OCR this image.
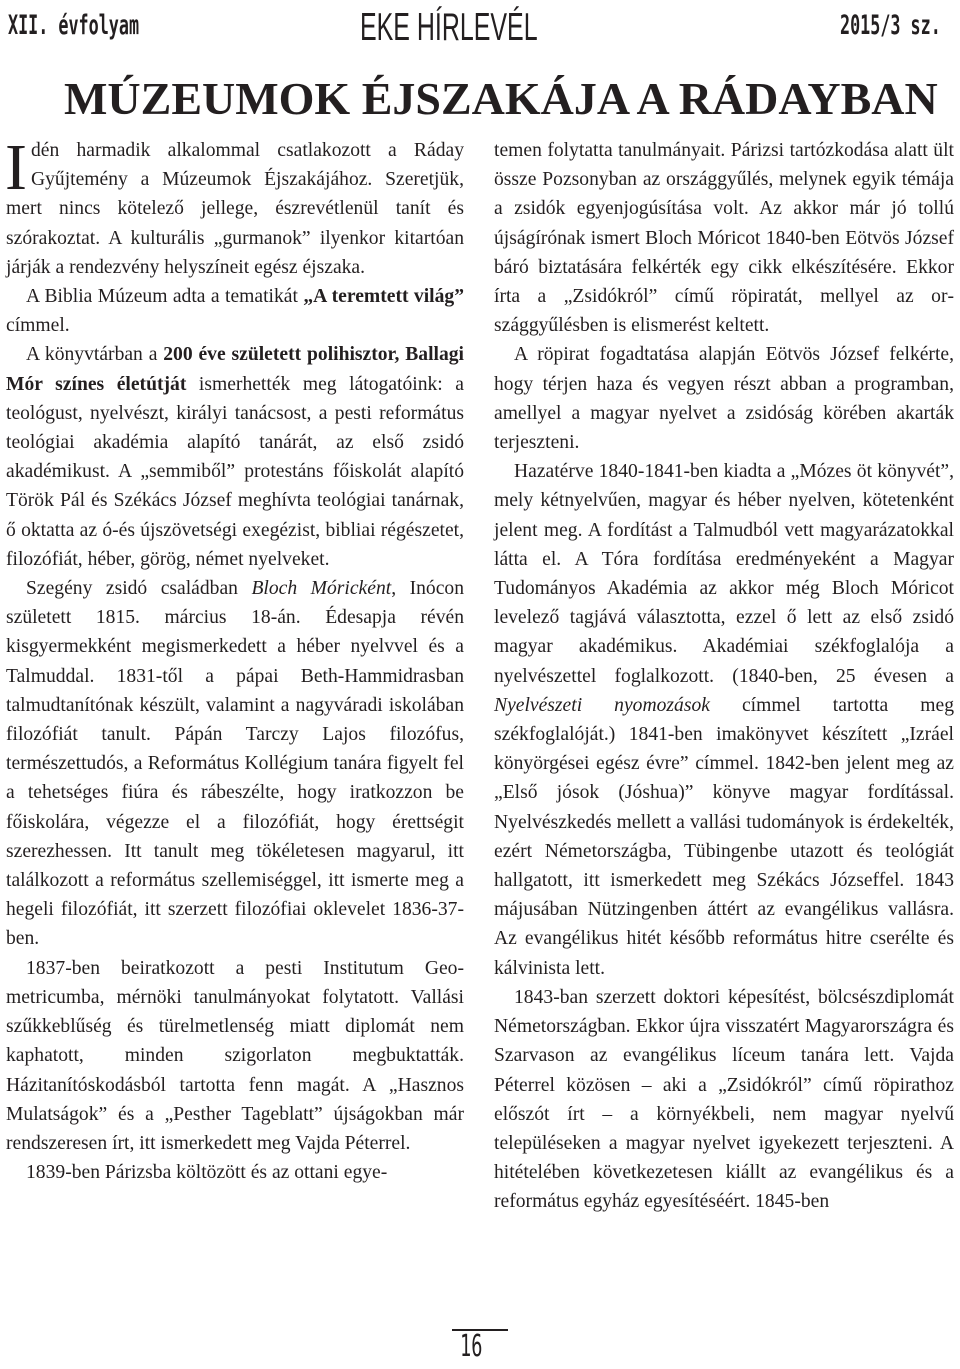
XII. évfolyam	EKE HÍRLEVÉL	2015/3 sz.

MÚZEUMOK ÉJSZAKÁJA A RÁDAYBAN

Idén harmadik alkalommal csatlakozott a Ráday Gyűjtemény a Múzeumok Éjszakájához. Szeretjük, mert nincs kötelező jellege, észrevétlenül tanít és szórakoztat. A kulturális „gurmanok” ilyenkor kitartóan járják a rendezvény helyszíneit egész éjszaka.

A Biblia Múzeum adta a tematikát „A teremtett világ” címmel.

A könyvtárban a 200 éve született polihisztor, Ballagi Mór színes életútját ismerhették meg látogatóink: a teológust, nyelvészt, királyi tanácsost, a pesti református teológiai akadémia alapító tanárát, az első zsidó akadémikust. A „semmiből” protestáns főiskolát alapító Török Pál és Székács József meghívta teológiai tanárnak, ő oktatta az ó-és újszövetségi exegézist, bibliai régészetet, filozófiát, héber, görög, német nyelveket.

Szegény zsidó családban Bloch Móricként, Inócon született 1815. március 18-án. Édesapja révén kisgyermekként megismerkedett a héber nyelvvel és a Talmuddal. 1831-től a pápai Beth-Hammidrasban talmudtanítónak készült, valamint a nagyváradi iskolában filozófiát tanult. Pápán Tarczy Lajos filozófus, természettudós, a Református Kollégium tanára figyelt fel a tehetséges fiúra és rábeszélte, hogy iratkozzon be főiskolára, végezze el a filozófiát, hogy érettségit szerezhessen. Itt tanult meg tökéletesen magyarul, itt találkozott a református szellemiséggel, itt ismerte meg a hegeli filozófiát, itt szerzett filozófiai oklevelet 1836-37-ben.

1837-ben beiratkozott a pesti Institutum Geometricumba, mérnöki tanulmányokat folytatott. Vallási szűkkeblűség és türelmetlenség miatt diplomát nem kaphatott, minden szigorlaton megbuktatták. Házitanítóskodásból tartotta fenn magát. A „Hasznos Mulatságok” és a „Pesther Tageblatt” újságokban már rendszeresen írt, itt ismerkedett meg Vajda Péterrel.

1839-ben Párizsba költözött és az ottani egye-

temen folytatta tanulmányait. Párizsi tartózkodása alatt ült össze Pozsonyban az országgyűlés, melynek egyik témája a zsidók egyenjogúsítása volt. Az akkor már jó tollú újságírónak ismert Bloch Móricot 1840-ben Eötvös József báró biztatására felkérték egy cikk elkészítésére. Ekkor írta a „Zsidókról” című röpiratát, mellyel az országgyűlésben is elismerést keltett.

A röpirat fogadtatása alapján Eötvös József felkérte, hogy térjen haza és vegyen részt abban a programban, amellyel a magyar nyelvet a zsidóság körében akarták terjeszteni.

Hazatérve 1840-1841-ben kiadta a „Mózes öt könyvét”, mely kétnyelvűen, magyar és héber nyelven, kötetenként jelent meg. A fordítást a Talmudból vett magyarázatokkal látta el. A Tóra fordítása eredményeként a Magyar Tudományos Akadémia az akkor még Bloch Móricot levelező tagjává választotta, ezzel ő lett az első zsidó magyar akadémikus. Akadémiai székfoglalója a nyelvészettel foglalkozott. (1840-ben, 25 évesen a Nyelvészeti nyomozások címmel tartotta meg székfoglalóját.) 1841-ben imakönyvet készített „Izráel könyörgései egész évre” címmel. 1842-ben jelent meg az „Első jósok (Jóshua)” könyve magyar fordítással. Nyelvészkedés mellett a vallási tudományok is érdekelték, ezért Németországba, Tübingenbe utazott és teológiát hallgatott, itt ismerkedett meg Székács Józseffel. 1843 májusában Nützingenben áttért az evangélikus vallásra. Az evangélikus hitét később református hitre cserélte és kálvinista lett.

1843-ban szerzett doktori képesítést, bölcsészdiplomát Németországban. Ekkor újra visszatért Magyarországra és Szarvason az evangélikus líceum tanára lett. Vajda Péterrel közösen – aki a „Zsidókról” című röpirathoz előszót írt – a környékbeli, nem magyar nyelvű településeken a magyar nyelvet igyekezett terjeszteni. A hitételében következetesen kiállt az evangélikus és a református egyház egyesítéséért. 1845-ben

16
